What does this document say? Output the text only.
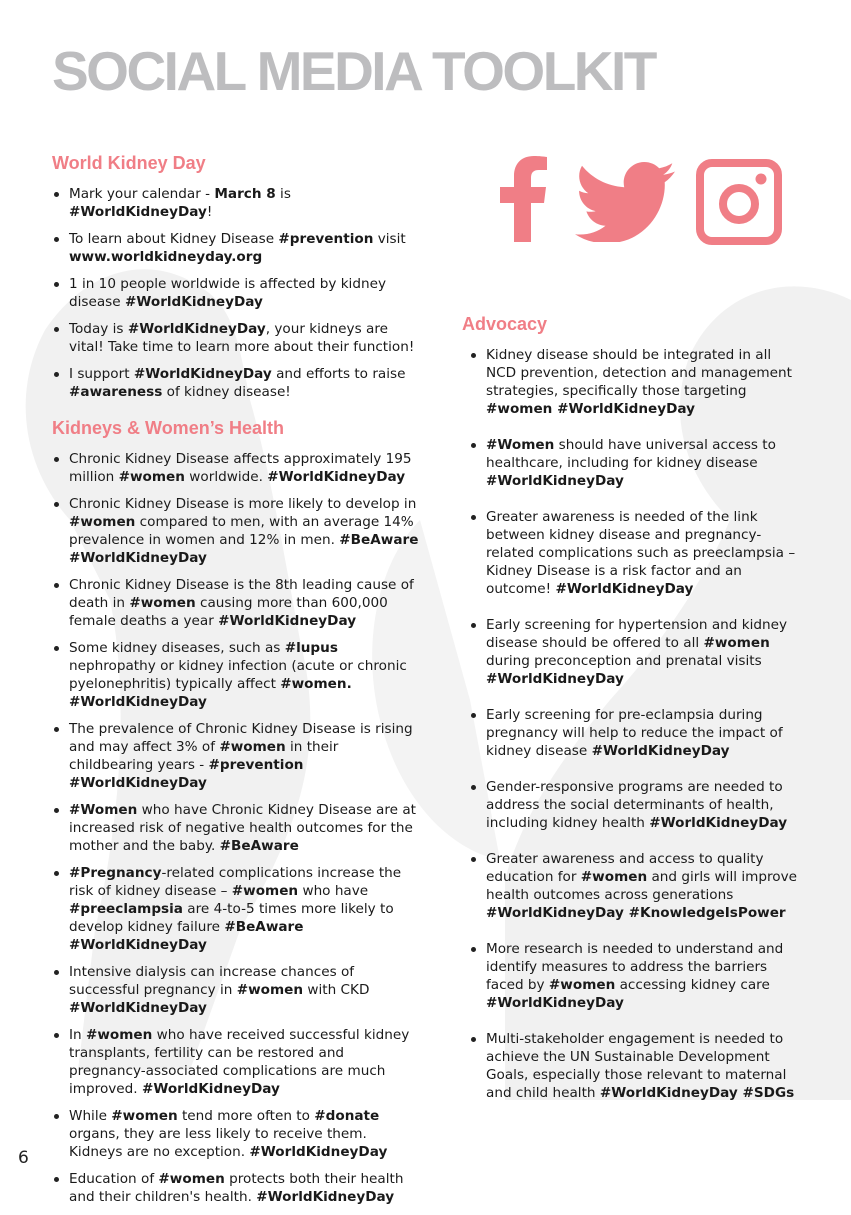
SOCIAL MEDIA TOOLKIT
World Kidney Day
Mark your calendar - March 8 is #WorldKidneyDay!
To learn about Kidney Disease #prevention visit www.worldkidneyday.org
1 in 10 people worldwide is affected by kidney disease #WorldKidneyDay
Today is #WorldKidneyDay, your kidneys are vital! Take time to learn more about their function!
I support #WorldKidneyDay and efforts to raise #awareness of kidney disease!
Kidneys & Women’s Health
Chronic Kidney Disease affects approximately 195 million #women worldwide. #WorldKidneyDay
Chronic Kidney Disease is more likely to develop in #women compared to men, with an average 14% prevalence in women and 12% in men. #BeAware #WorldKidneyDay
Chronic Kidney Disease is the 8th leading cause of death in #women causing more than 600,000 female deaths a year #WorldKidneyDay
Some kidney diseases, such as #lupus nephropathy or kidney infection (acute or chronic pyelonephritis) typically affect #women. #WorldKidneyDay
The prevalence of Chronic Kidney Disease is rising and may affect 3% of #women in their childbearing years - #prevention #WorldKidneyDay
#Women who have Chronic Kidney Disease are at increased risk of negative health outcomes for the mother and the baby. #BeAware
#Pregnancy-related complications increase the risk of kidney disease – #women who have #preeclampsia are 4-to-5 times more likely to develop kidney failure #BeAware #WorldKidneyDay
Intensive dialysis can increase chances of successful pregnancy in #women with CKD #WorldKidneyDay
In #women who have received successful kidney transplants, fertility can be restored and pregnancy-associated complications are much improved. #WorldKidneyDay
While #women tend more often to #donate organs, they are less likely to receive them. Kidneys are no exception. #WorldKidneyDay
Education of #women protects both their health and their children's health. #WorldKidneyDay
Advocacy
Kidney disease should be integrated in all NCD prevention, detection and management strategies, specifically those targeting #women #WorldKidneyDay
#Women should have universal access to healthcare, including for kidney disease #WorldKidneyDay
Greater awareness is needed of the link between kidney disease and pregnancy-related complications such as preeclampsia – Kidney Disease is a risk factor and an outcome! #WorldKidneyDay
Early screening for hypertension and kidney disease should be offered to all #women during preconception and prenatal visits #WorldKidneyDay
Early screening for pre-eclampsia during pregnancy will help to reduce the impact of kidney disease #WorldKidneyDay
Gender-responsive programs are needed to address the social determinants of health, including kidney health #WorldKidneyDay
Greater awareness and access to quality education for #women and girls will improve health outcomes across generations #WorldKidneyDay #KnowledgeIsPower
More research is needed to understand and identify measures to address the barriers faced by #women accessing kidney care #WorldKidneyDay
Multi-stakeholder engagement is needed to achieve the UN Sustainable Development Goals, especially those relevant to maternal and child health #WorldKidneyDay #SDGs
6
